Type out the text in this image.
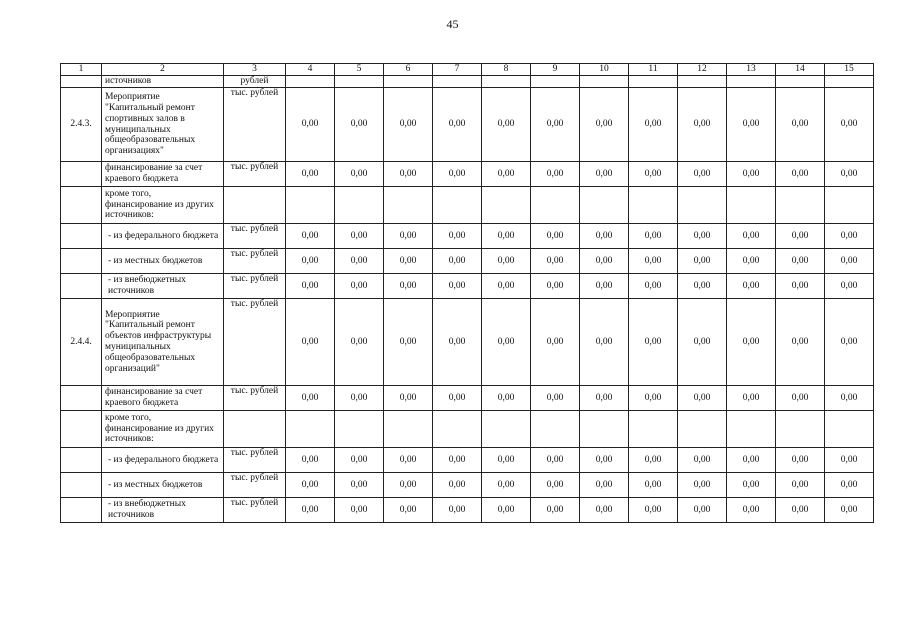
45
1	2	3	4	5	6	7	8	9	10	11	12	13	14	15
	источников	рублей												
2.4.3.	Мероприятие "Капитальный ремонт спортивных залов в муниципальных общеобразовательных организациях"	тыс. рублей	0,00	0,00	0,00	0,00	0,00	0,00	0,00	0,00	0,00	0,00	0,00	0,00
	финансирование за счет краевого бюджета	тыс. рублей	0,00	0,00	0,00	0,00	0,00	0,00	0,00	0,00	0,00	0,00	0,00	0,00
	кроме того, финансирование из других источников:													
	- из федерального бюджета	тыс. рублей	0,00	0,00	0,00	0,00	0,00	0,00	0,00	0,00	0,00	0,00	0,00	0,00
	- из местных бюджетов	тыс. рублей	0,00	0,00	0,00	0,00	0,00	0,00	0,00	0,00	0,00	0,00	0,00	0,00
	- из внебюджетных источников	тыс. рублей	0,00	0,00	0,00	0,00	0,00	0,00	0,00	0,00	0,00	0,00	0,00	0,00
2.4.4.	Мероприятие "Капитальный ремонт объектов инфраструктуры муниципальных общеобразовательных организаций"	тыс. рублей	0,00	0,00	0,00	0,00	0,00	0,00	0,00	0,00	0,00	0,00	0,00	0,00
	финансирование за счет краевого бюджета	тыс. рублей	0,00	0,00	0,00	0,00	0,00	0,00	0,00	0,00	0,00	0,00	0,00	0,00
	кроме того, финансирование из других источников:													
	- из федерального бюджета	тыс. рублей	0,00	0,00	0,00	0,00	0,00	0,00	0,00	0,00	0,00	0,00	0,00	0,00
	- из местных бюджетов	тыс. рублей	0,00	0,00	0,00	0,00	0,00	0,00	0,00	0,00	0,00	0,00	0,00	0,00
	- из внебюджетных источников	тыс. рублей	0,00	0,00	0,00	0,00	0,00	0,00	0,00	0,00	0,00	0,00	0,00	0,00
